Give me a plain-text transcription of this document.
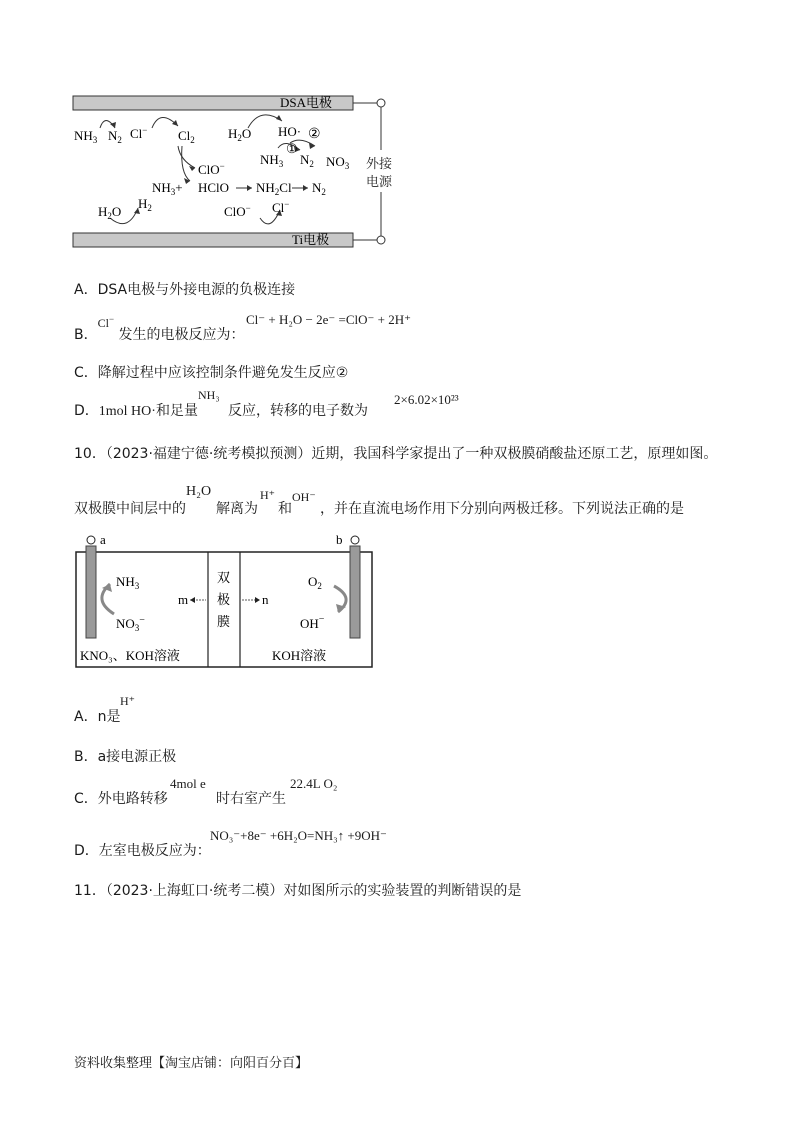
DSA电极
Ti电极
外接
电源
$NH_3$ $N_2$ Cl− $Cl_2$	$H_2O$ HO· ②
①
$NH_3$ $N_2$ $NO_3$
ClO−
$NH_3+$ HClO $NH_2Cl$ $N_2$
$H_2O$
$H_2$	ClO− Cl−
A．DSA电极与外接电源的负极连接
B．Cl− 发生的电极反应为：
Cl⁻ + H₂O − 2e⁻ =ClO⁻ + 2H⁺
C．降解过程中应该控制条件避免发生反应②
D．1mol HO·和足量
NH₃
反应，转移的电子数为
2×6.02×10²³
10．（2023·福建宁德·统考模拟预测）近期，我国科学家提出了一种双极膜硝酸盐还原工艺，原理如图。
双极膜中间层中的
H₂O
解离为
H⁺
和
OH⁻
，并在直流电场作用下分别向两极迁移。下列说法正确的是
a	b
$NH_3$
$NO_3^-$
m	n
双
极
膜
$O_2$
OH−
KNO₃、KOH溶液	KOH溶液
A．n是
H⁺
B．a接电源正极
C．外电路转移
4mol e
时右室产生
22.4L O₂
D．左室电极反应为：
NO₃⁻+8e⁻ +6H₂O=NH₃↑ +9OH⁻
11．（2023·上海虹口·统考二模）对如图所示的实验装置的判断错误的是
资料收集整理【淘宝店铺：向阳百分百】
